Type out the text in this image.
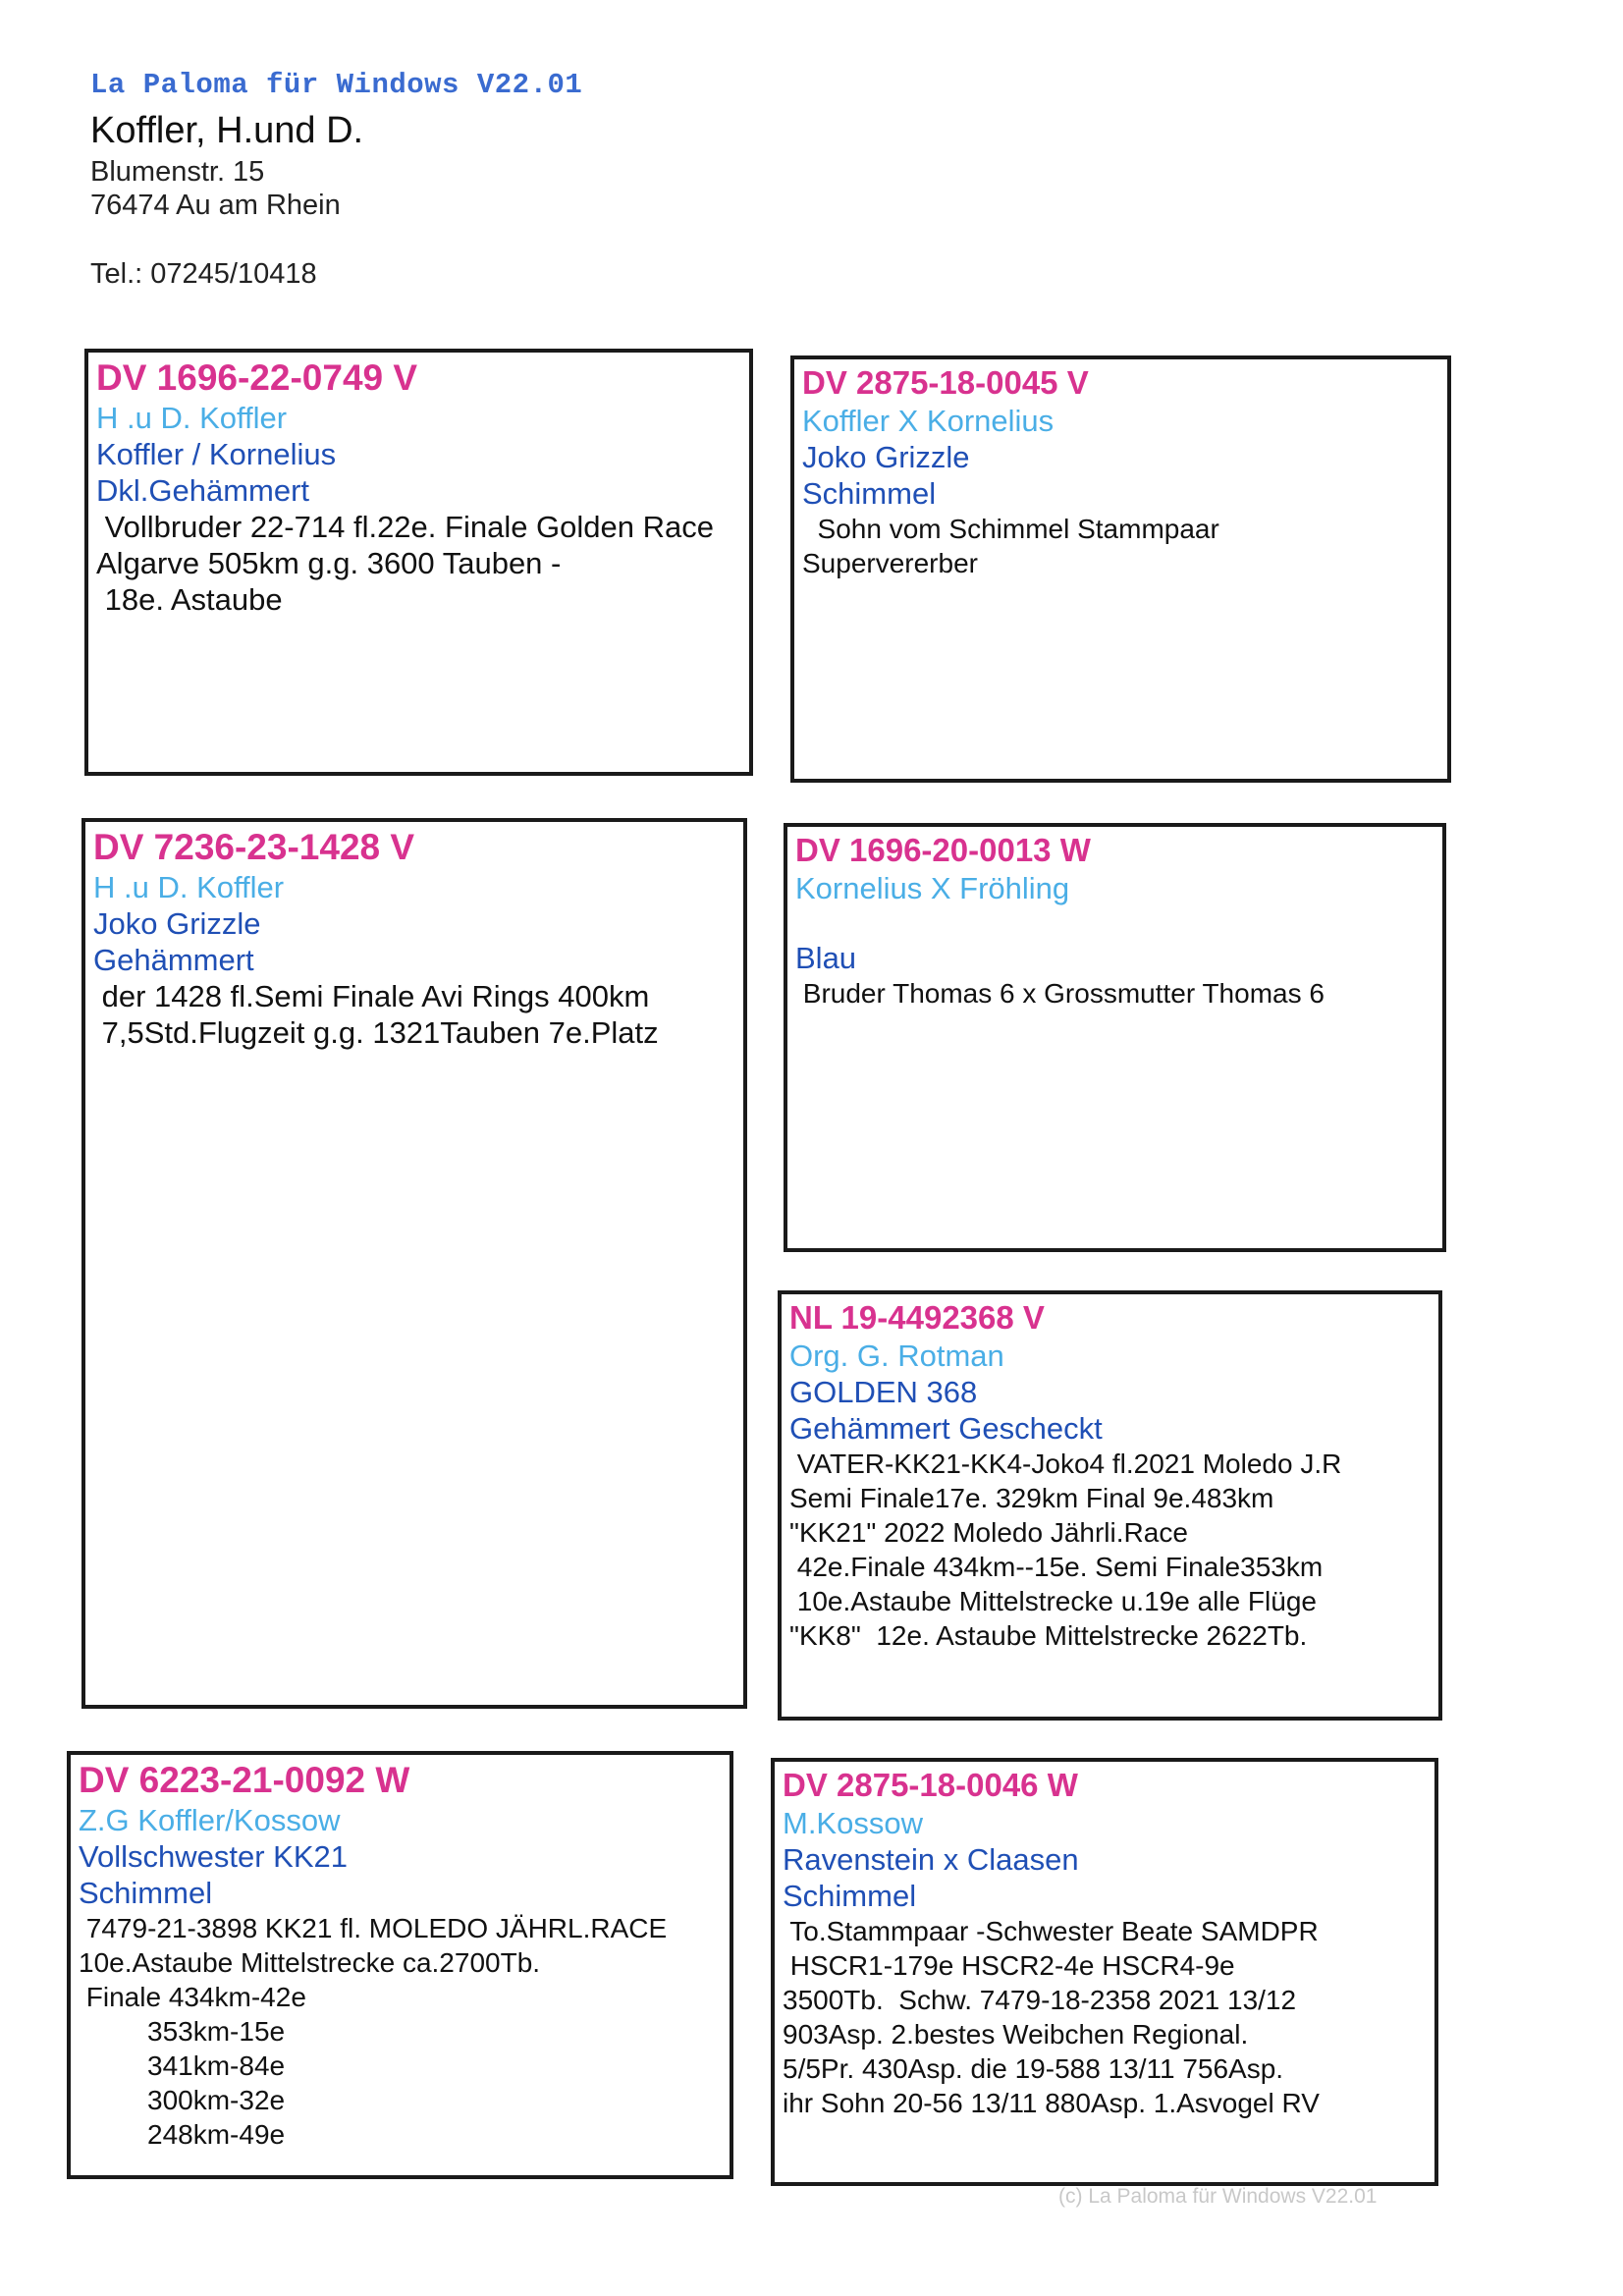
La Paloma für Windows V22.01
Koffler, H.und D.
Blumenstr. 15
76474 Au am Rhein
Tel.: 07245/10418
DV 1696-22-0749 V
H .u D. Koffler
Koffler / Kornelius
Dkl.Gehämmert
Vollbruder 22-714 fl.22e. Finale Golden Race
Algarve 505km g.g. 3600 Tauben -
18e. Astaube
DV 2875-18-0045 V
Koffler X Kornelius
Joko Grizzle
Schimmel
Sohn vom Schimmel Stammpaar
Supervererber
DV 7236-23-1428 V
H .u D. Koffler
Joko Grizzle
Gehämmert
der 1428 fl.Semi Finale Avi Rings 400km
7,5Std.Flugzeit g.g. 1321Tauben 7e.Platz
DV 1696-20-0013 W
Kornelius X Fröhling
Blau
Bruder Thomas 6 x Grossmutter Thomas 6
NL 19-4492368 V
Org. G. Rotman
GOLDEN 368
Gehämmert Gescheckt
VATER-KK21-KK4-Joko4 fl.2021 Moledo J.R
Semi Finale17e. 329km Final 9e.483km
"KK21" 2022 Moledo Jährli.Race
42e.Finale 434km--15e. Semi Finale353km
10e.Astaube Mittelstrecke u.19e alle Flüge
"KK8"  12e. Astaube Mittelstrecke 2622Tb.
DV 6223-21-0092 W
Z.G Koffler/Kossow
Vollschwester KK21
Schimmel
7479-21-3898 KK21 fl. MOLEDO JÄHRL.RACE
10e.Astaube Mittelstrecke ca.2700Tb.
Finale 434km-42e
353km-15e
341km-84e
300km-32e
248km-49e
DV 2875-18-0046 W
M.Kossow
Ravenstein x Claasen
Schimmel
To.Stammpaar -Schwester Beate SAMDPR
HSCR1-179e HSCR2-4e HSCR4-9e
3500Tb.  Schw. 7479-18-2358 2021 13/12
903Asp. 2.bestes Weibchen Regional.
5/5Pr. 430Asp. die 19-588 13/11 756Asp.
ihr Sohn 20-56 13/11 880Asp. 1.Asvogel RV
(c) La Paloma für Windows V22.01
